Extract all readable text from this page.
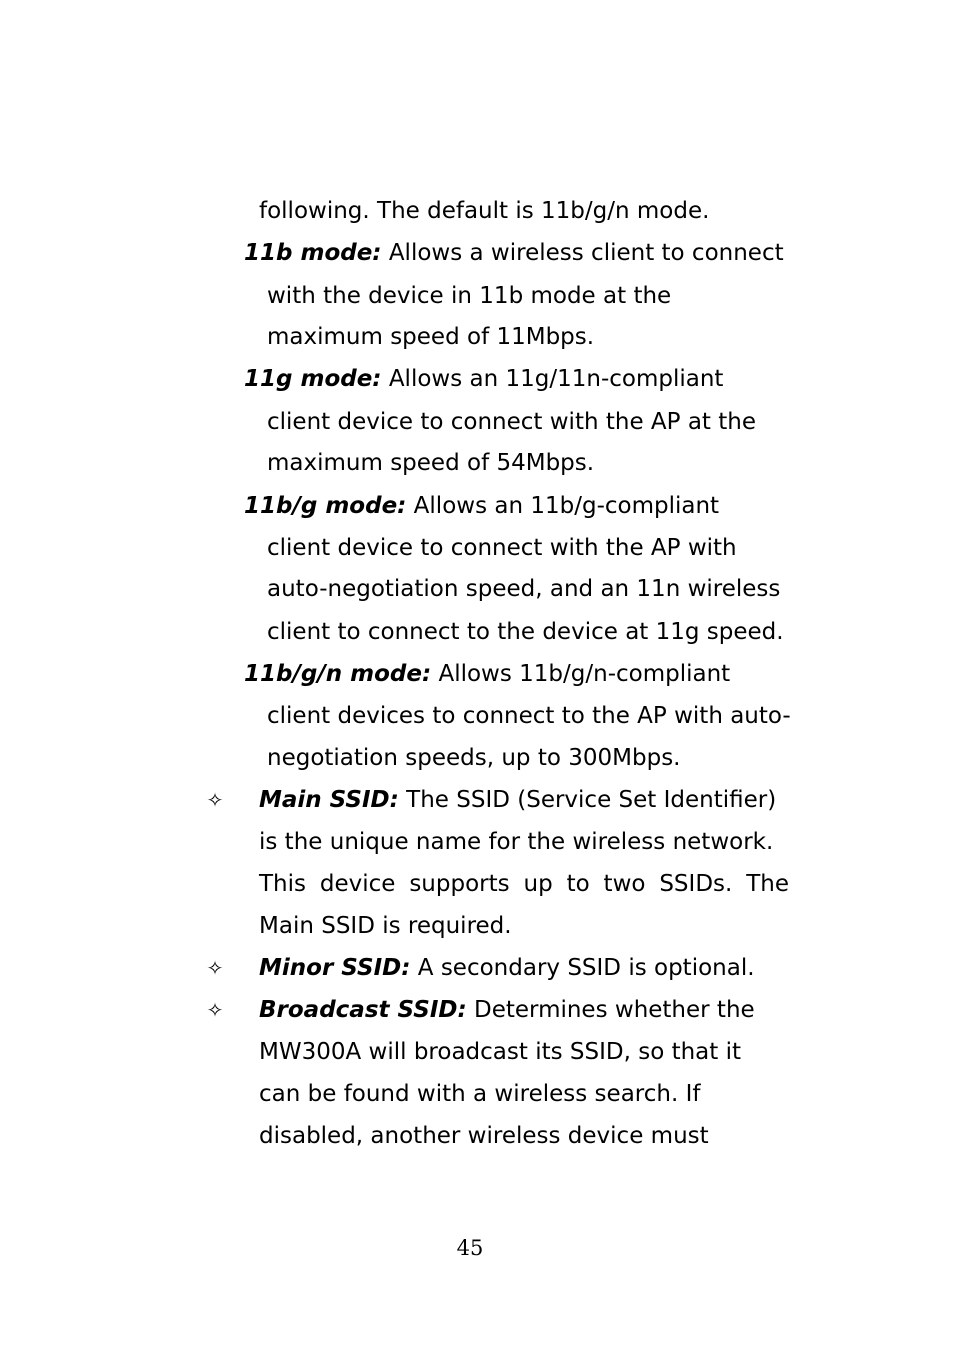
following. The default is 11b/g/n mode.
11b mode: Allows a wireless client to connect
with the device in 11b mode at the
maximum speed of 11Mbps.
11g mode: Allows an 11g/11n-compliant
client device to connect with the AP at the
maximum speed of 54Mbps.
11b/g mode: Allows an 11b/g-compliant
client device to connect with the AP with
auto-negotiation speed, and an 11n wireless
client to connect to the device at 11g speed.
11b/g/n mode: Allows 11b/g/n-compliant
client devices to connect to the AP with auto-
negotiation speeds, up to 300Mbps.
✧ Main SSID: The SSID (Service Set Identifier)
is the unique name for the wireless network.
This device supports up to two SSIDs. The
Main SSID is required.
✧ Minor SSID: A secondary SSID is optional.
✧ Broadcast SSID: Determines whether the
MW300A will broadcast its SSID, so that it
can be found with a wireless search. If
disabled, another wireless device must
45
